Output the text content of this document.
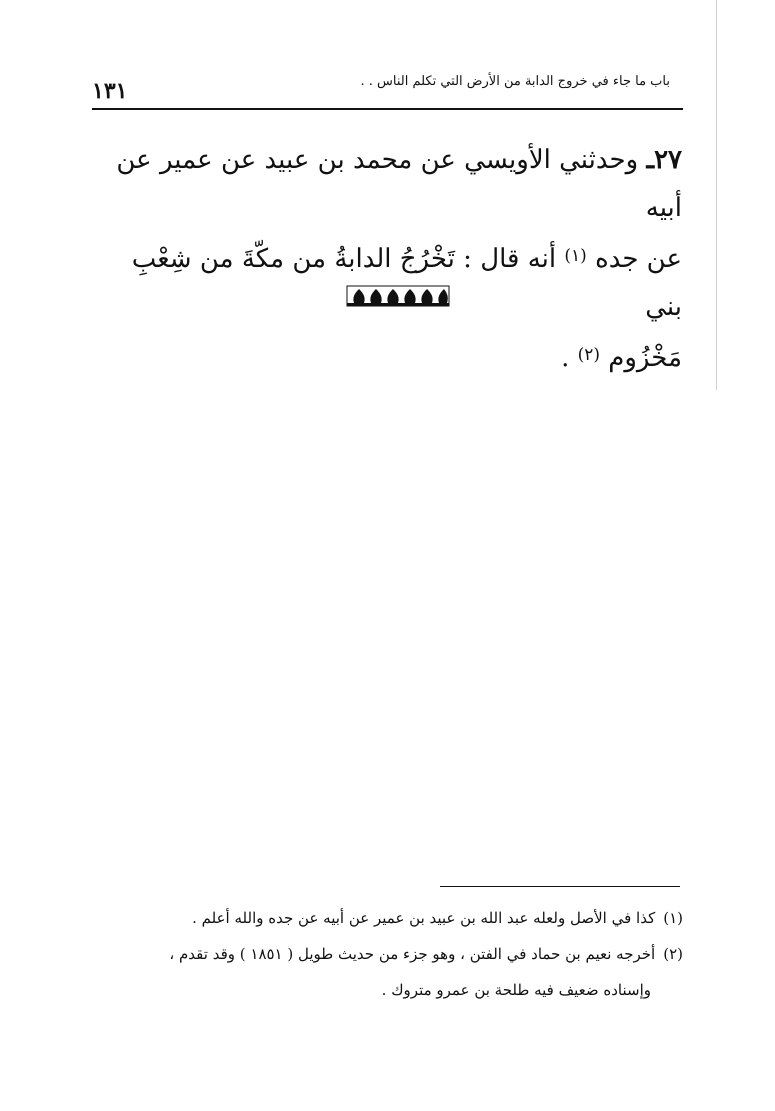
باب ما جاء في خروج الدابة من الأرض التي تكلم الناس . .
١٣١

٢٧ـ وحدثني الأويسي عن محمد بن عبيد عن عمير عن أبيه

عن جده $^{(١)}$ أنه قال : تَخْرُجُ الدابةُ من مكّةَ من شِعْبِ بني

مَخْزُوم $^{(٢)}$ .

(١)كذا في الأصل ولعله عبد الله بن عبيد بن عمير عن أبيه عن جده والله أعلم .

(٢)أخرجه نعيم بن حماد في الفتن ، وهو جزء من حديث طويل ( ١٨٥١ ) وقد تقدم ،

وإسناده ضعيف فيه طلحة بن عمرو متروك .
